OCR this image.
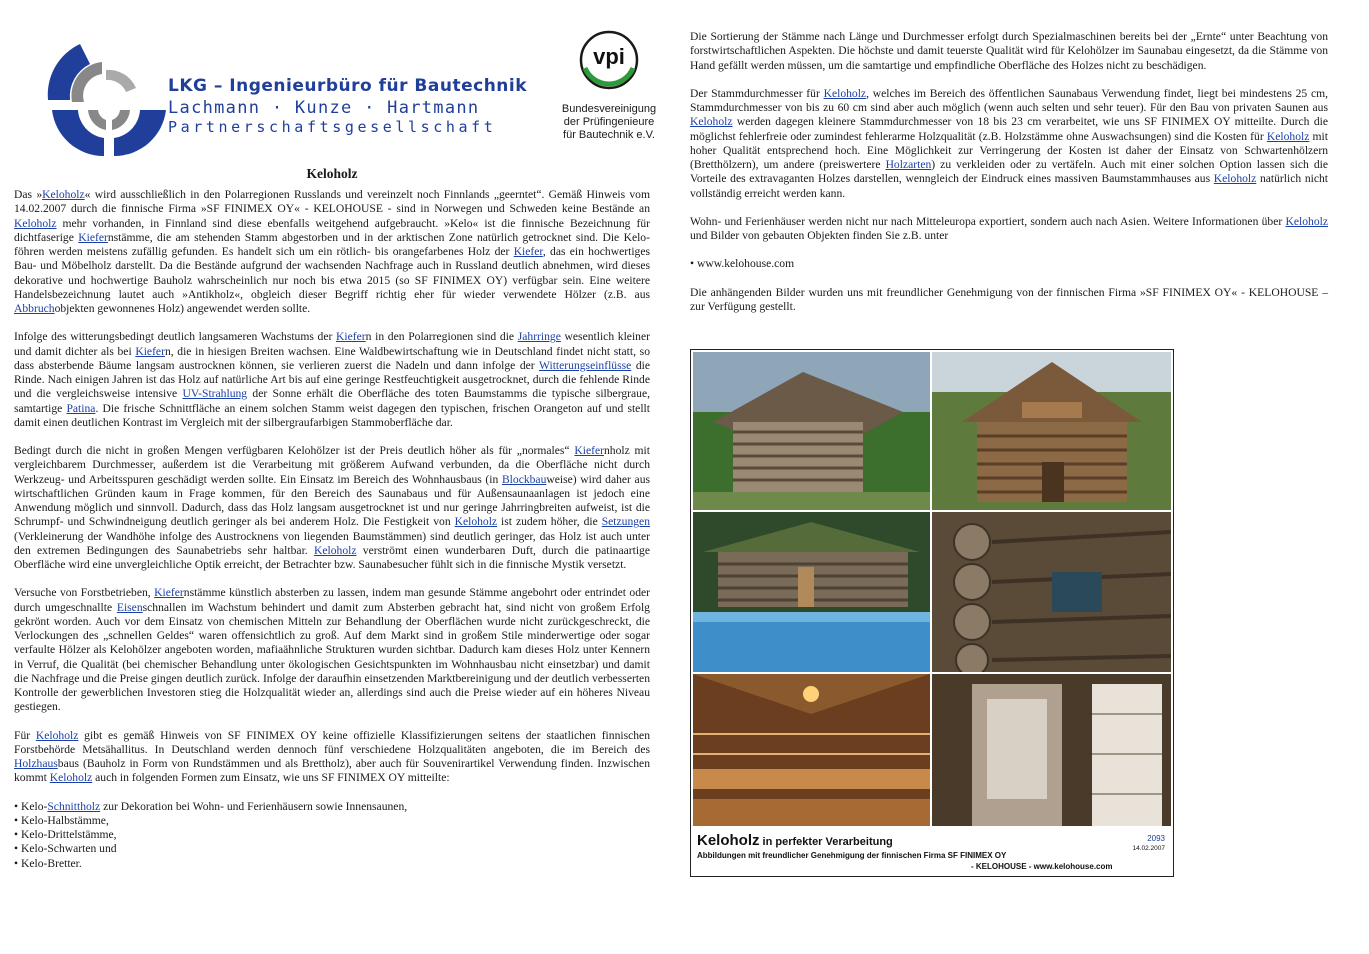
LKG – Ingenieurbüro für Bautechnik
Lachmann · Kunze · Hartmann
Partnerschaftsgesellschaft
vpi
Bundesvereinigung
der Prüfingenieure
für Bautechnik e.V.
Keloholz

Das »Keloholz« wird ausschließlich in den Polarregionen Russlands und vereinzelt noch Finnlands „geerntet“. Gemäß Hinweis vom 14.02.2007 durch die finnische Firma »SF FINIMEX OY« - KELOHOUSE - sind in Norwegen und Schweden keine Bestände an Keloholz mehr vorhanden, in Finnland sind diese ebenfalls weitgehend aufgebraucht. »Kelo« ist die finnische Bezeichnung für dichtfaserige Kiefernstämme, die am stehenden Stamm abgestorben und in der arktischen Zone natürlich getrocknet sind. Die Keloföhren werden meistens zufällig gefunden. Es handelt sich um ein rötlich- bis orangefarbenes Holz der Kiefer, das ein hochwertiges Bau- und Möbelholz darstellt. Da die Bestände aufgrund der wachsenden Nachfrage auch in Russland deutlich abnehmen, wird dieses dekorative und hochwertige Bauholz wahrscheinlich nur noch bis etwa 2015 (so SF FINIMEX OY) verfügbar sein. Eine weitere Handelsbezeichnung lautet auch »Antikholz«, obgleich dieser Begriff richtig eher für wieder verwendete Hölzer (z.B. aus Abbruchobjekten gewonnenes Holz) angewendet werden sollte.

Infolge des witterungsbedingt deutlich langsameren Wachstums der Kiefern in den Polarregionen sind die Jahrringe wesentlich kleiner und damit dichter als bei Kiefern, die in hiesigen Breiten wachsen. Eine Waldbewirtschaftung wie in Deutschland findet nicht statt, so dass absterbende Bäume langsam austrocknen können, sie verlieren zuerst die Nadeln und dann infolge der Witterungseinflüsse die Rinde. Nach einigen Jahren ist das Holz auf natürliche Art bis auf eine geringe Restfeuchtigkeit ausgetrocknet, durch die fehlende Rinde und die vergleichsweise intensive UV-Strahlung der Sonne erhält die Oberfläche des toten Baumstamms die typische silbergraue, samtartige Patina. Die frische Schnittfläche an einem solchen Stamm weist dagegen den typischen, frischen Orangeton auf und stellt damit einen deutlichen Kontrast im Vergleich mit der silbergraufarbigen Stammoberfläche dar.

Bedingt durch die nicht in großen Mengen verfügbaren Kelohölzer ist der Preis deutlich höher als für „normales“ Kiefernholz mit vergleichbarem Durchmesser, außerdem ist die Verarbeitung mit größerem Aufwand verbunden, da die Oberfläche nicht durch Werkzeug- und Arbeitsspuren geschädigt werden sollte. Ein Einsatz im Bereich des Wohnhausbaus (in Blockbauweise) wird daher aus wirtschaftlichen Gründen kaum in Frage kommen, für den Bereich des Saunabaus und für Außensaunaanlagen ist jedoch eine Anwendung möglich und sinnvoll. Dadurch, dass das Holz langsam ausgetrocknet ist und nur geringe Jahrringbreiten aufweist, ist die Schrumpf- und Schwindneigung deutlich geringer als bei anderem Holz. Die Festigkeit von Keloholz ist zudem höher, die Setzungen (Verkleinerung der Wandhöhe infolge des Austrocknens von liegenden Baumstämmen) sind deutlich geringer, das Holz ist auch unter den extremen Bedingungen des Saunabetriebs sehr haltbar. Keloholz verströmt einen wunderbaren Duft, durch die patinaartige Oberfläche wird eine unvergleichliche Optik erreicht, der Betrachter bzw. Saunabesucher fühlt sich in die finnische Mystik versetzt.

Versuche von Forstbetrieben, Kiefernstämme künstlich absterben zu lassen, indem man gesunde Stämme angebohrt oder entrindet oder durch umgeschnallte Eisenschnallen im Wachstum behindert und damit zum Absterben gebracht hat, sind nicht von großem Erfolg gekrönt worden. Auch vor dem Einsatz von chemischen Mitteln zur Behandlung der Oberflächen wurde nicht zurückgeschreckt, die Verlockungen des „schnellen Geldes“ waren offensichtlich zu groß. Auf dem Markt sind in großem Stile minderwertige oder sogar verfaulte Hölzer als Kelohölzer angeboten worden, mafiaähnliche Strukturen wurden sichtbar. Dadurch kam dieses Holz unter Kennern in Verruf, die Qualität (bei chemischer Behandlung unter ökologischen Gesichtspunkten im Wohnhausbau nicht einsetzbar) und damit die Nachfrage und die Preise gingen deutlich zurück. Infolge der daraufhin einsetzenden Marktbereinigung und der deutlich verbesserten Kontrolle der gewerblichen Investoren stieg die Holzqualität wieder an, allerdings sind auch die Preise wieder auf ein höheres Niveau gestiegen.

Für Keloholz gibt es gemäß Hinweis von SF FINIMEX OY keine offizielle Klassifizierungen seitens der staatlichen finnischen Forstbehörde Metsähallitus. In Deutschland werden dennoch fünf verschiedene Holzqualitäten angeboten, die im Bereich des Holzhausbaus (Bauholz in Form von Rundstämmen und als Brettholz), aber auch für Souvenirartikel Verwendung finden. Inzwischen kommt Keloholz auch in folgenden Formen zum Einsatz, wie uns SF FINIMEX OY mitteilte:

• Kelo-Schnittholz zur Dekoration bei Wohn- und Ferienhäusern sowie Innensaunen,
• Kelo-Halbstämme,
• Kelo-Drittelstämme,
• Kelo-Schwarten und
• Kelo-Bretter.

Die Sortierung der Stämme nach Länge und Durchmesser erfolgt durch Spezialmaschinen bereits bei der „Ernte“ unter Beachtung von forstwirtschaftlichen Aspekten. Die höchste und damit teuerste Qualität wird für Kelohölzer im Saunabau eingesetzt, da die Stämme von Hand gefällt werden müssen, um die samtartige und empfindliche Oberfläche des Holzes nicht zu beschädigen.

Der Stammdurchmesser für Keloholz, welches im Bereich des öffentlichen Saunabaus Verwendung findet, liegt bei mindestens 25 cm, Stammdurchmesser von bis zu 60 cm sind aber auch möglich (wenn auch selten und sehr teuer). Für den Bau von privaten Saunen aus Keloholz werden dagegen kleinere Stammdurchmesser von 18 bis 23 cm verarbeitet, wie uns SF FINIMEX OY mitteilte. Durch die möglichst fehlerfreie oder zumindest fehlerarme Holzqualität (z.B. Holzstämme ohne Auswachsungen) sind die Kosten für Keloholz mit hoher Qualität entsprechend hoch. Eine Möglichkeit zur Verringerung der Kosten ist daher der Einsatz von Schwartenhölzern (Bretthölzern), um andere (preiswertere Holzarten) zu verkleiden oder zu vertäfeln. Auch mit einer solchen Option lassen sich die Vorteile des extravaganten Holzes darstellen, wenngleich der Eindruck eines massiven Baumstammhauses aus Keloholz natürlich nicht vollständig erreicht werden kann.

Wohn- und Ferienhäuser werden nicht nur nach Mitteleuropa exportiert, sondern auch nach Asien. Weitere Informationen über Keloholz und Bilder von gebauten Objekten finden Sie z.B. unter

• www.kelohouse.com

Die anhängenden Bilder wurden uns mit freundlicher Genehmigung von der finnischen Firma »SF FINIMEX OY« - KELOHOUSE – zur Verfügung gestellt.

Keloholz in perfekter Verarbeitung	2093
14.02.2007
Abbildungen mit freundlicher Genehmigung der finnischen Firma SF FINIMEX OY
- KELOHOUSE - www.kelohouse.com
